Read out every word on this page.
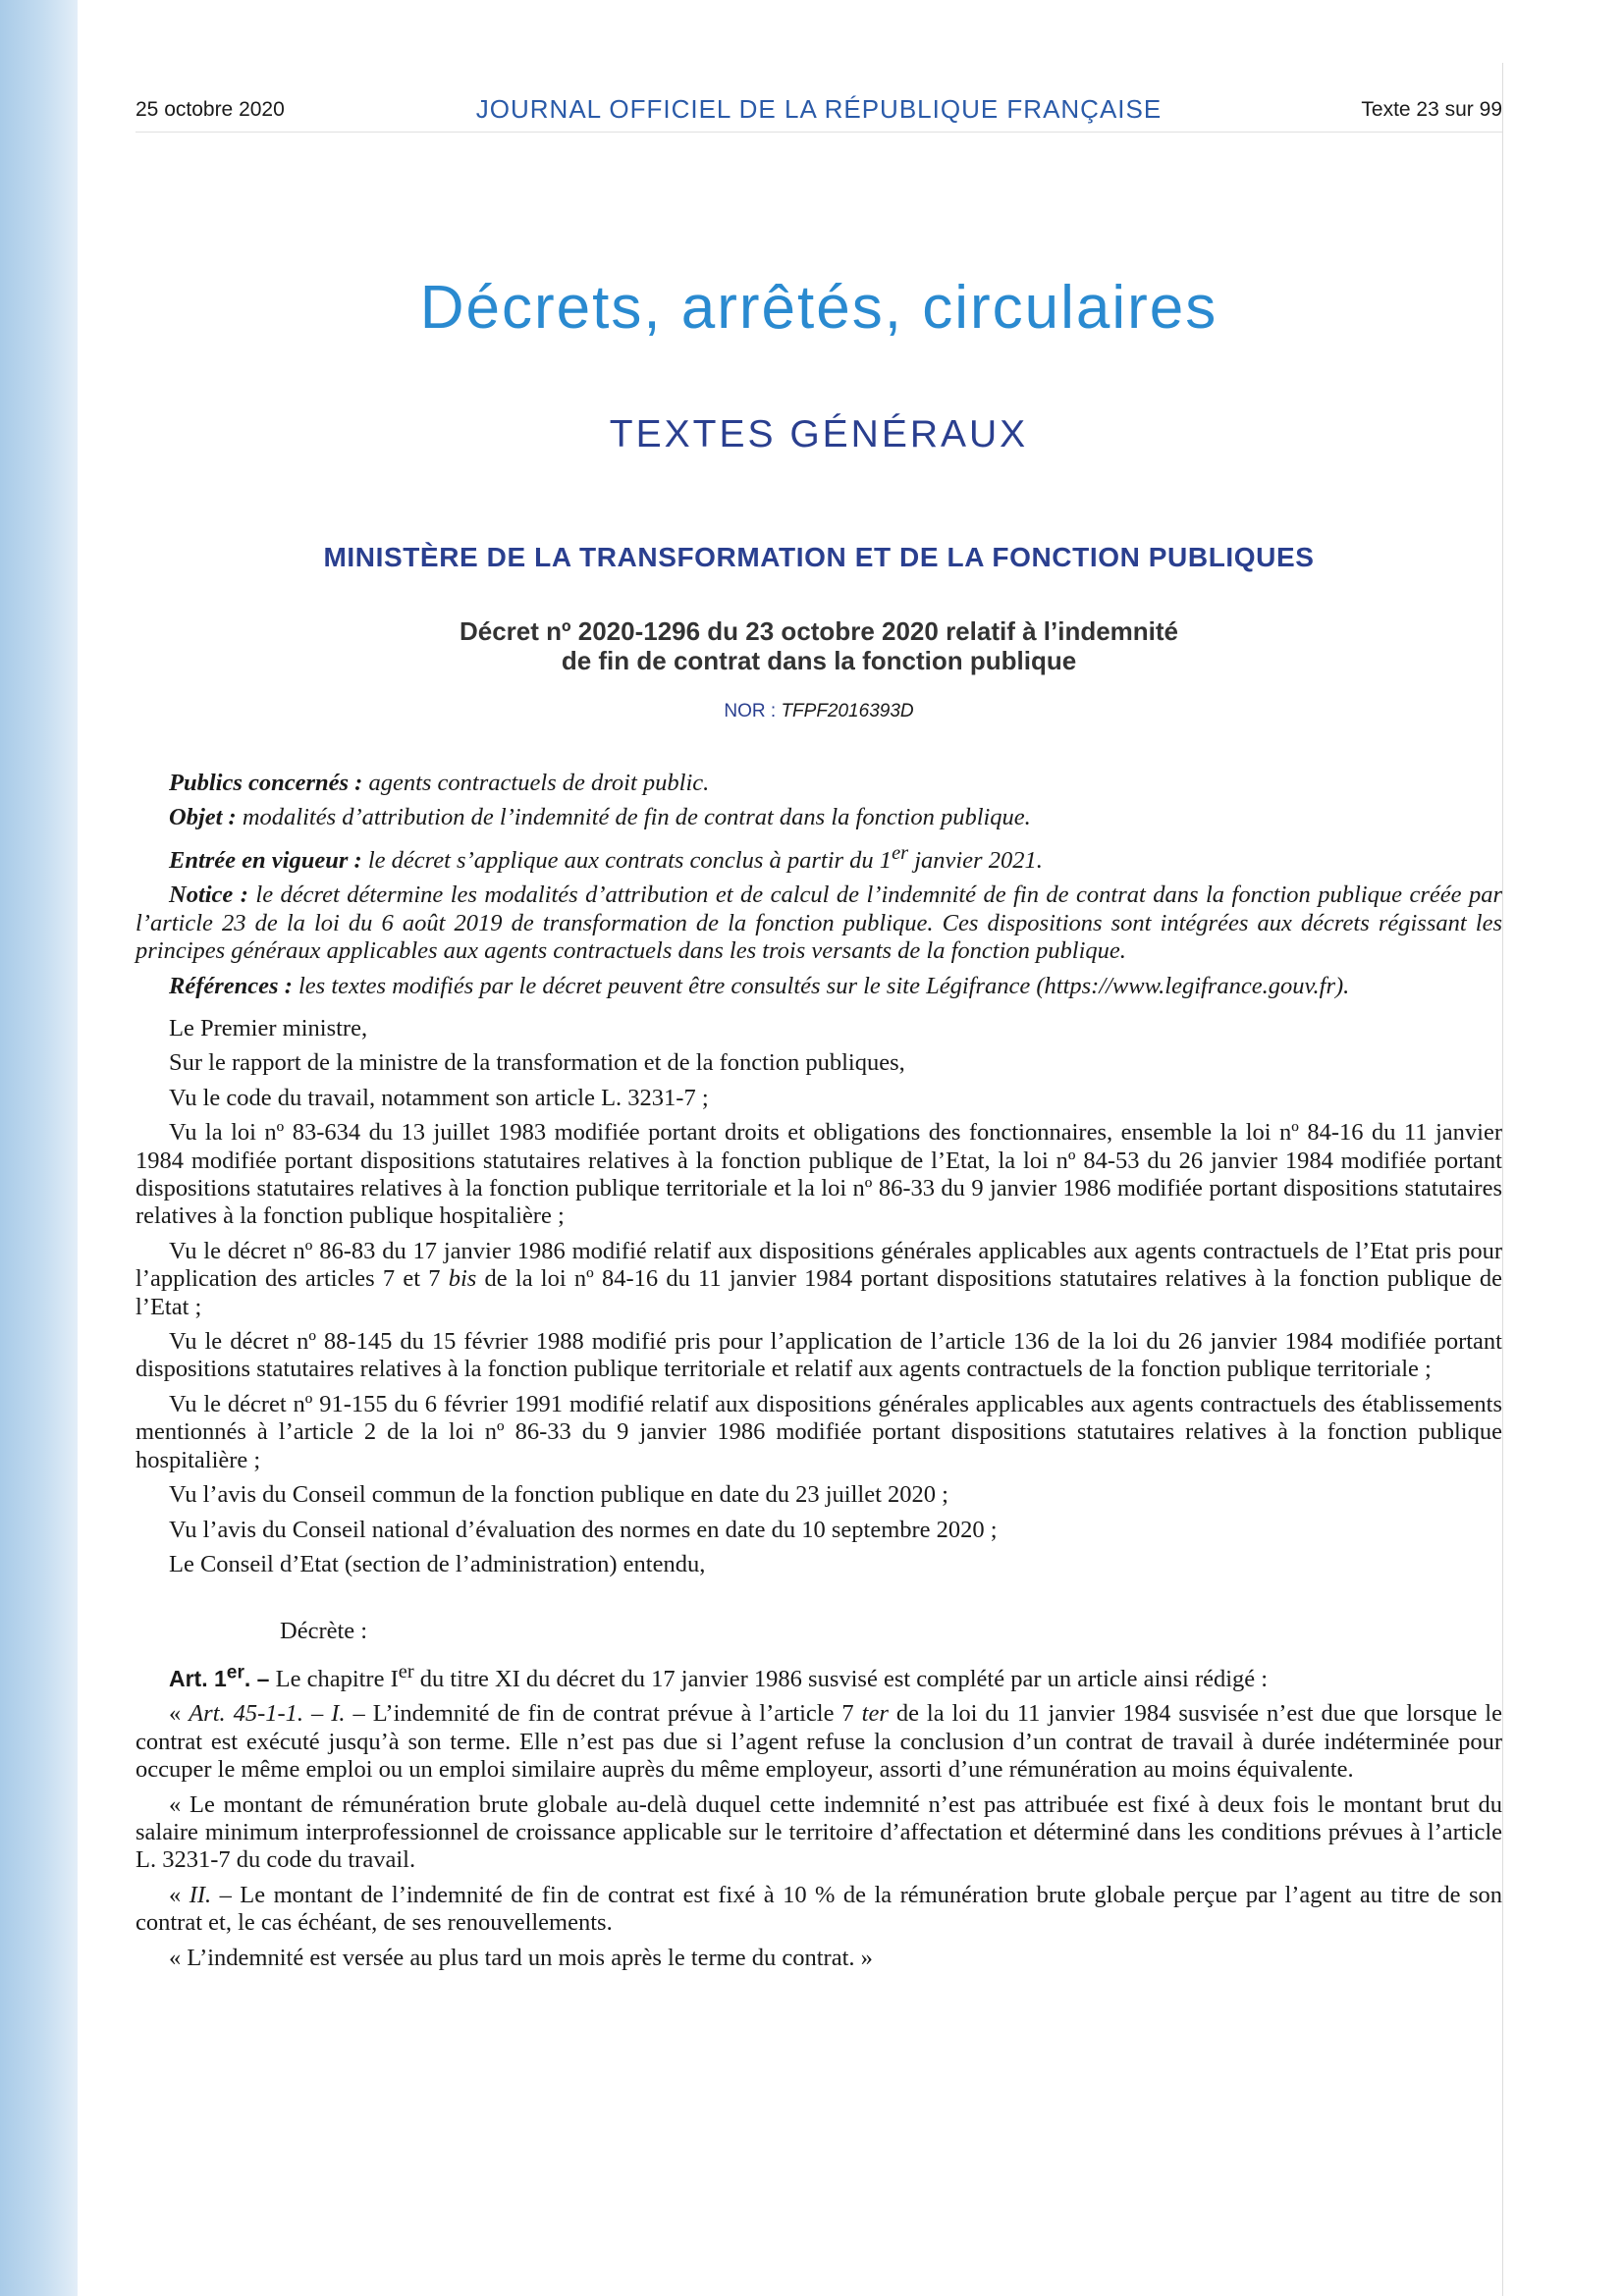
25 octobre 2020	JOURNAL OFFICIEL DE LA RÉPUBLIQUE FRANÇAISE	Texte 23 sur 99
Décrets, arrêtés, circulaires
TEXTES GÉNÉRAUX
MINISTÈRE DE LA TRANSFORMATION ET DE LA FONCTION PUBLIQUES
Décret nº 2020-1296 du 23 octobre 2020 relatif à l’indemnité
de fin de contrat dans la fonction publique
NOR : TFPF2016393D

Publics concernés : agents contractuels de droit public.

Objet : modalités d’attribution de l’indemnité de fin de contrat dans la fonction publique.

Entrée en vigueur : le décret s’applique aux contrats conclus à partir du 1er janvier 2021.

Notice : le décret détermine les modalités d’attribution et de calcul de l’indemnité de fin de contrat dans la fonction publique créée par l’article 23 de la loi du 6 août 2019 de transformation de la fonction publique. Ces dispositions sont intégrées aux décrets régissant les principes généraux applicables aux agents contractuels dans les trois versants de la fonction publique.

Références : les textes modifiés par le décret peuvent être consultés sur le site Légifrance (https://www.legifrance.gouv.fr).

Le Premier ministre,

Sur le rapport de la ministre de la transformation et de la fonction publiques,

Vu le code du travail, notamment son article L. 3231-7 ;

Vu la loi nº 83-634 du 13 juillet 1983 modifiée portant droits et obligations des fonctionnaires, ensemble la loi nº 84-16 du 11 janvier 1984 modifiée portant dispositions statutaires relatives à la fonction publique de l’Etat, la loi nº 84-53 du 26 janvier 1984 modifiée portant dispositions statutaires relatives à la fonction publique territoriale et la loi nº 86-33 du 9 janvier 1986 modifiée portant dispositions statutaires relatives à la fonction publique hospitalière ;

Vu le décret nº 86-83 du 17 janvier 1986 modifié relatif aux dispositions générales applicables aux agents contractuels de l’Etat pris pour l’application des articles 7 et 7 bis de la loi nº 84-16 du 11 janvier 1984 portant dispositions statutaires relatives à la fonction publique de l’Etat ;

Vu le décret nº 88-145 du 15 février 1988 modifié pris pour l’application de l’article 136 de la loi du 26 janvier 1984 modifiée portant dispositions statutaires relatives à la fonction publique territoriale et relatif aux agents contractuels de la fonction publique territoriale ;

Vu le décret nº 91-155 du 6 février 1991 modifié relatif aux dispositions générales applicables aux agents contractuels des établissements mentionnés à l’article 2 de la loi nº 86-33 du 9 janvier 1986 modifiée portant dispositions statutaires relatives à la fonction publique hospitalière ;

Vu l’avis du Conseil commun de la fonction publique en date du 23 juillet 2020 ;

Vu l’avis du Conseil national d’évaluation des normes en date du 10 septembre 2020 ;

Le Conseil d’Etat (section de l’administration) entendu,

Décrète :

Art. 1er. – Le chapitre Ier du titre XI du décret du 17 janvier 1986 susvisé est complété par un article ainsi rédigé :

« Art. 45-1-1. – I. – L’indemnité de fin de contrat prévue à l’article 7 ter de la loi du 11 janvier 1984 susvisée n’est due que lorsque le contrat est exécuté jusqu’à son terme. Elle n’est pas due si l’agent refuse la conclusion d’un contrat de travail à durée indéterminée pour occuper le même emploi ou un emploi similaire auprès du même employeur, assorti d’une rémunération au moins équivalente.

« Le montant de rémunération brute globale au-delà duquel cette indemnité n’est pas attribuée est fixé à deux fois le montant brut du salaire minimum interprofessionnel de croissance applicable sur le territoire d’affectation et déterminé dans les conditions prévues à l’article L. 3231-7 du code du travail.

« II. – Le montant de l’indemnité de fin de contrat est fixé à 10 % de la rémunération brute globale perçue par l’agent au titre de son contrat et, le cas échéant, de ses renouvellements.

« L’indemnité est versée au plus tard un mois après le terme du contrat. »
